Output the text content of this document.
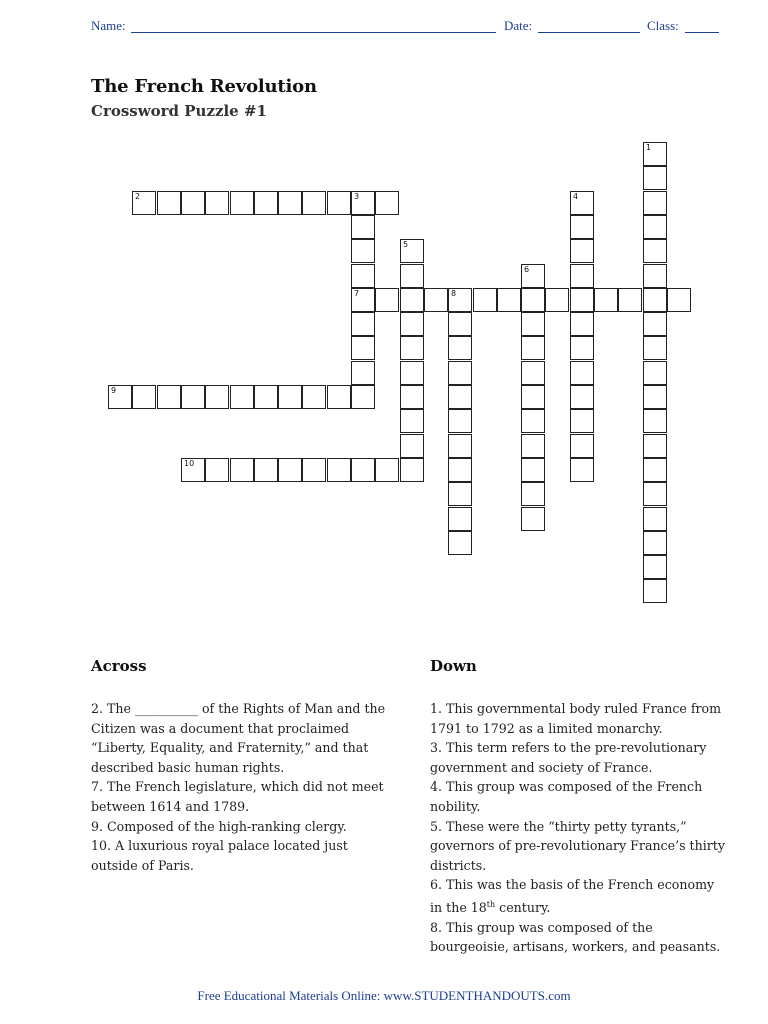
Name:	Date:	Class:
The French Revolution
Crossword Puzzle #1
1
2	3
7
4
5
6
8
9
10
Across
2. The __________ of the Rights of Man and the Citizen was a document that proclaimed “Liberty, Equality, and Fraternity,” and that described basic human rights.
7. The French legislature, which did not meet between 1614 and 1789.
9. Composed of the high-ranking clergy.
10. A luxurious royal palace located just outside of Paris.
Down
1. This governmental body ruled France from 1791 to 1792 as a limited monarchy.
3. This term refers to the pre-revolutionary government and society of France.
4. This group was composed of the French nobility.
5. These were the “thirty petty tyrants,” governors of pre-revolutionary France’s thirty districts.
6. This was the basis of the French economy in the 18th century.
8. This group was composed of the bourgeoisie, artisans, workers, and peasants.
Free Educational Materials Online: www.STUDENTHANDOUTS.com
